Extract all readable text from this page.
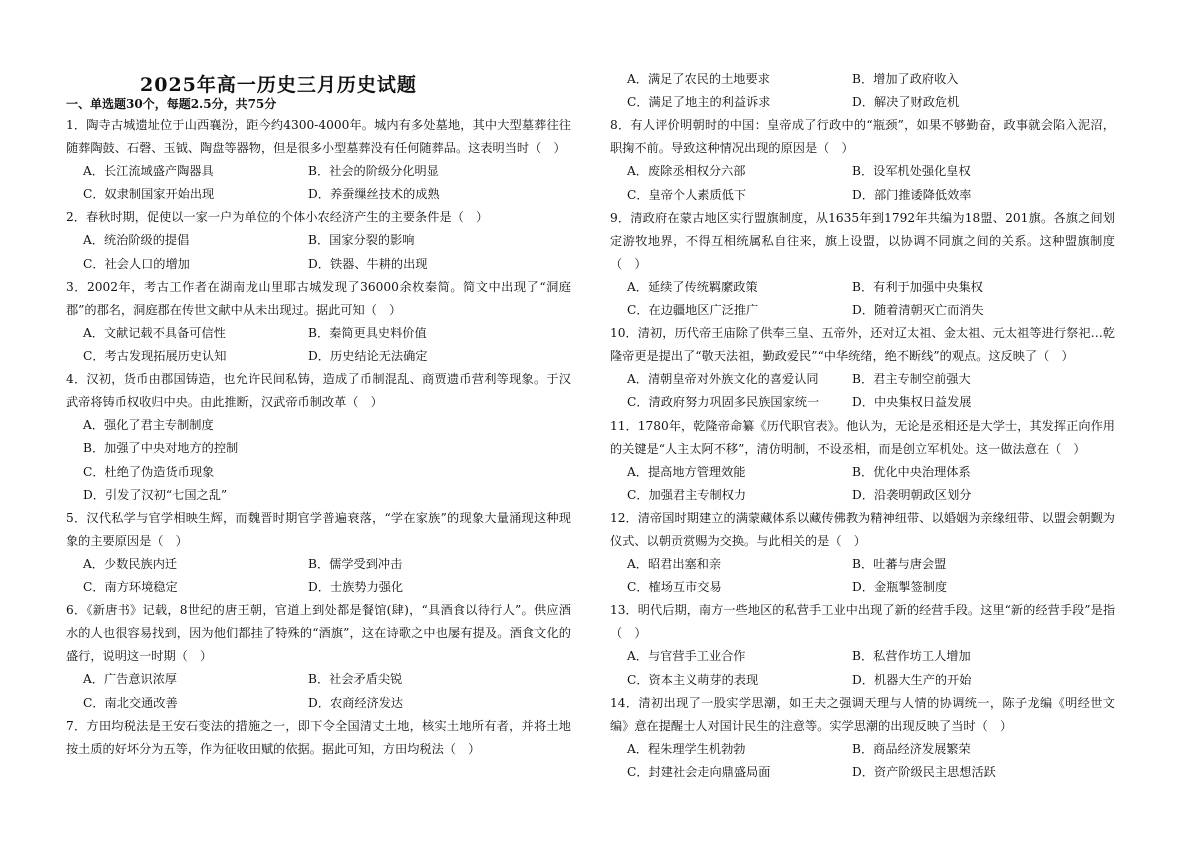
2025年高一历史三月历史试题
一、单选题30个，每题2.5分，共75分

1．陶寺古城遗址位于山西襄汾，距今约4300-4000年。城内有多处墓地，其中大型墓葬往往随葬陶鼓、石磬、玉钺、陶盘等器物，但是很多小型墓葬没有任何随葬品。这表明当时（　）

A．长江流域盛产陶器具	B．社会的阶级分化明显
C．奴隶制国家开始出现	D．养蚕缫丝技术的成熟

2．春秋时期，促使以一家一户为单位的个体小农经济产生的主要条件是（　）

A．统治阶级的提倡	B．国家分裂的影响
C．社会人口的增加	D．铁器、牛耕的出现

3．2002年，考古工作者在湖南龙山里耶古城发现了36000余枚秦简。简文中出现了“洞庭郡”的郡名，洞庭郡在传世文献中从未出现过。据此可知（　）

A．文献记载不具备可信性	B．秦简更具史料价值
C．考古发现拓展历史认知	D．历史结论无法确定

4．汉初，货币由郡国铸造，也允许民间私铸，造成了币制混乱、商贾遗币营利等现象。于汉武帝将铸币权收归中央。由此推断，汉武帝币制改革（　）

A．强化了君主专制制度
B．加强了中央对地方的控制
C．杜绝了伪造货币现象
D．引发了汉初“七国之乱”

5．汉代私学与官学相映生辉，而魏晋时期官学普遍衰落，“学在家族”的现象大量涌现这种现象的主要原因是（　）

A．少数民族内迁	B．儒学受到冲击
C．南方环境稳定	D．士族势力强化

6．《新唐书》记载，8世纪的唐王朝，官道上到处都是餐馆(肆)，“具酒食以待行人”。供应酒水的人也很容易找到，因为他们都挂了特殊的“酒旗”，这在诗歌之中也屡有提及。酒食文化的盛行，说明这一时期（　）

A．广告意识浓厚	B．社会矛盾尖锐
C．南北交通改善	D．农商经济发达

7．方田均税法是王安石变法的措施之一，即下令全国清丈土地，核实土地所有者，并将土地按土质的好坏分为五等，作为征收田赋的依据。据此可知，方田均税法（　）

A．满足了农民的土地要求	B．增加了政府收入
C．满足了地主的利益诉求	D．解决了财政危机

8．有人评价明朝时的中国：皇帝成了行政中的“瓶颈”，如果不够勤奋，政事就会陷入泥沼，职掬不前。导致这种情况出现的原因是（　）

A．废除丞相权分六部	B．设军机处强化皇权
C．皇帝个人素质低下	D．部门推诿降低效率

9．清政府在蒙古地区实行盟旗制度，从1635年到1792年共编为18盟、201旗。各旗之间划定游牧地界，不得互相统属私自往来，旗上设盟，以协调不同旗之间的关系。这种盟旗制度（　）

A．延续了传统羁縻政策	B．有利于加强中央集权
C．在边疆地区广泛推广	D．随着清朝灭亡而消失

10．清初，历代帝王庙除了供奉三皇、五帝外，还对辽太祖、金太祖、元太祖等进行祭祀…乾隆帝更是提出了“敬天法祖，勤政爱民”“中华统绪，绝不断线”的观点。这反映了（　）

A．清朝皇帝对外族文化的喜爱认同	B．君主专制空前强大
C．清政府努力巩固多民族国家统一	D．中央集权日益发展

11．1780年，乾隆帝命纂《历代职官表》。他认为，无论是丞相还是大学士，其发挥正向作用的关键是“人主太阿不移”，清仿明制，不设丞相，而是创立军机处。这一做法意在（　）

A．提高地方管理效能	B．优化中央治理体系
C．加强君主专制权力	D．沿袭明朝政区划分

12．清帝国时期建立的满蒙藏体系以藏传佛教为精神纽带、以婚姻为亲缘纽带、以盟会朝觐为仪式、以朝贡赏赐为交换。与此相关的是（　）

A．昭君出塞和亲	B．吐蕃与唐会盟
C．榷场互市交易	D．金瓶掣签制度

13．明代后期，南方一些地区的私营手工业中出现了新的经营手段。这里“新的经营手段”是指（　）

A．与官营手工业合作	B．私营作坊工人增加
C．资本主义萌芽的表现	D．机器大生产的开始

14．清初出现了一股实学思潮，如王夫之强调天理与人情的协调统一，陈子龙编《明经世文编》意在提醒士人对国计民生的注意等。实学思潮的出现反映了当时（　）

A．程朱理学生机勃勃	B．商品经济发展繁荣
C．封建社会走向鼎盛局面	D．资产阶级民主思想活跃
